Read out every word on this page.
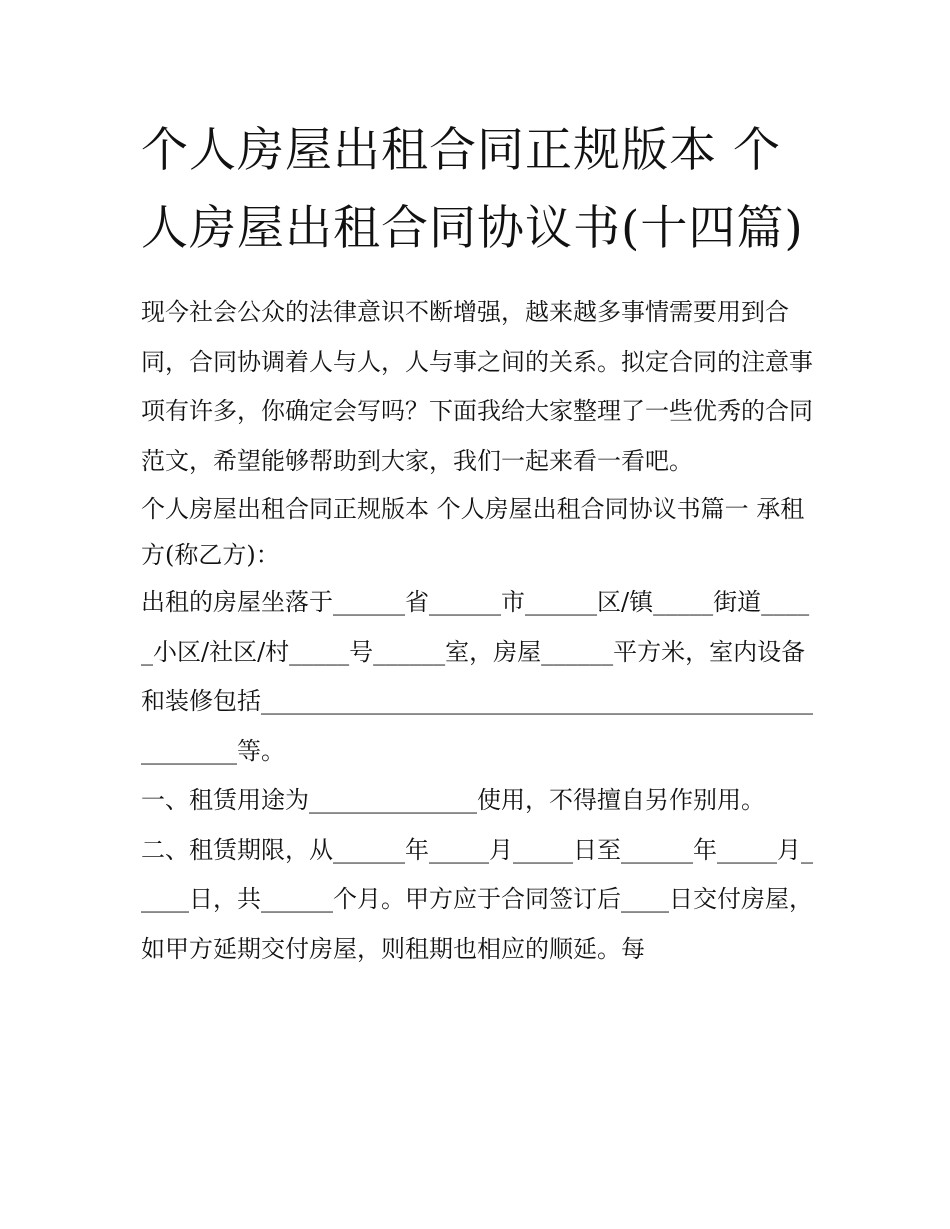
个人房屋出租合同正规版本 个人房屋出租合同协议书(十四篇)

现今社会公众的法律意识不断增强，越来越多事情需要用到合同，合同协调着人与人，人与事之间的关系。拟定合同的注意事项有许多，你确定会写吗？下面我给大家整理了一些优秀的合同范文，希望能够帮助到大家，我们一起来看一看吧。

个人房屋出租合同正规版本 个人房屋出租合同协议书篇一 承租方(称乙方)：

出租的房屋坐落于______省______市______区/镇_____街道_____小区/社区/村_____号______室，房屋______平方米，室内设备和装修包括______________________________________________________等。

一、租赁用途为______________使用，不得擅自另作别用。

二、租赁期限，从______年_____月_____日至______年_____月_____日，共______个月。甲方应于合同签订后____日交付房屋，如甲方延期交付房屋，则租期也相应的顺延。每
